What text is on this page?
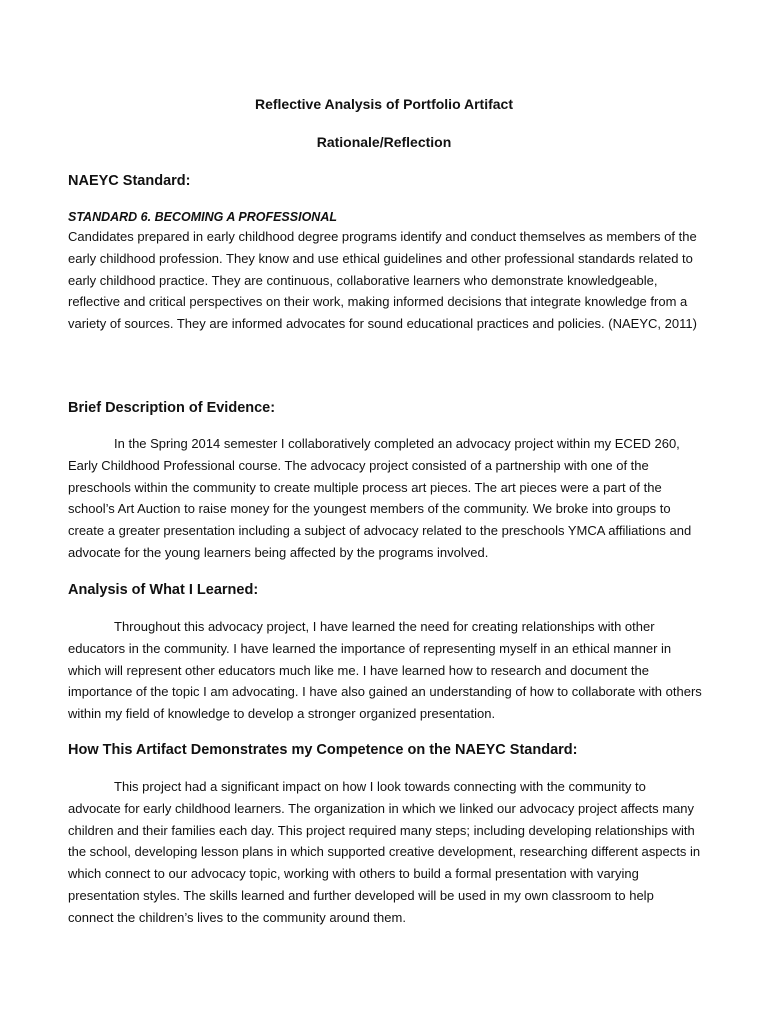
Reflective Analysis of Portfolio Artifact
Rationale/Reflection
NAEYC Standard:
STANDARD 6. BECOMING A PROFESSIONAL

Candidates prepared in early childhood degree programs identify and conduct themselves as members of the early childhood profession. They know and use ethical guidelines and other professional standards related to early childhood practice. They are continuous, collaborative learners who demonstrate knowledgeable, reflective and critical perspectives on their work, making informed decisions that integrate knowledge from a variety of sources. They are informed advocates for sound educational practices and policies. (NAEYC, 2011)

Brief Description of Evidence:

In the Spring 2014 semester I collaboratively completed an advocacy project within my ECED 260, Early Childhood Professional course. The advocacy project consisted of a partnership with one of the preschools within the community to create multiple process art pieces. The art pieces were a part of the school’s Art Auction to raise money for the youngest members of the community. We broke into groups to create a greater presentation including a subject of advocacy related to the preschools YMCA affiliations and advocate for the young learners being affected by the programs involved.

Analysis of What I Learned:

Throughout this advocacy project, I have learned the need for creating relationships with other educators in the community. I have learned the importance of representing myself in an ethical manner in which will represent other educators much like me. I have learned how to research and document the importance of the topic I am advocating. I have also gained an understanding of how to collaborate with others within my field of knowledge to develop a stronger organized presentation.

How This Artifact Demonstrates my Competence on the NAEYC Standard:

This project had a significant impact on how I look towards connecting with the community to advocate for early childhood learners. The organization in which we linked our advocacy project affects many children and their families each day. This project required many steps; including developing relationships with the school, developing lesson plans in which supported creative development, researching different aspects in which connect to our advocacy topic, working with others to build a formal presentation with varying presentation styles. The skills learned and further developed will be used in my own classroom to help connect the children’s lives to the community around them.
